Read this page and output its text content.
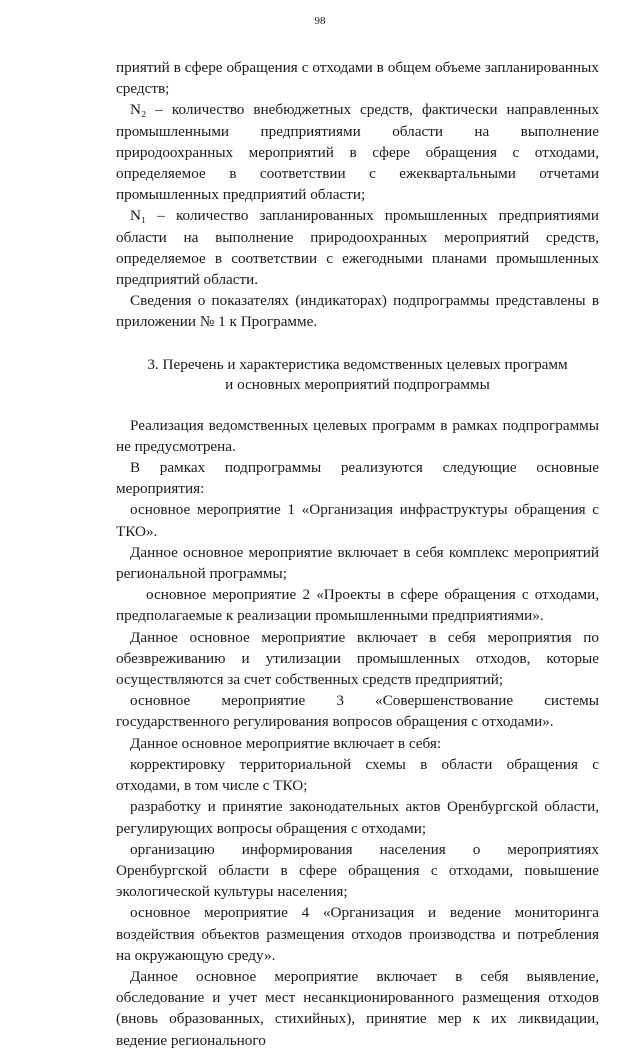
98
приятий в сфере обращения с отходами в общем объеме запланированных средств;
N₂ – количество внебюджетных средств, фактически направленных промышленными предприятиями области на выполнение природоохранных мероприятий в сфере обращения с отходами, определяемое в соответствии с ежеквартальными отчетами промышленных предприятий области;
N₁ – количество запланированных промышленных предприятиями области на выполнение природоохранных мероприятий средств, определяемое в соответствии с ежегодными планами промышленных предприятий области.
Сведения о показателях (индикаторах) подпрограммы представлены в приложении № 1 к Программе.
3. Перечень и характеристика ведомственных целевых программ
и основных мероприятий подпрограммы
Реализация ведомственных целевых программ в рамках подпрограммы не предусмотрена.
В рамках подпрограммы реализуются следующие основные мероприятия:
основное мероприятие 1 «Организация инфраструктуры обращения с ТКО».
Данное основное мероприятие включает в себя комплекс мероприятий региональной программы;
основное мероприятие 2 «Проекты в сфере обращения с отходами, предполагаемые к реализации промышленными предприятиями».
Данное основное мероприятие включает в себя мероприятия по обезвреживанию и утилизации промышленных отходов, которые осуществляются за счет собственных средств предприятий;
основное мероприятие 3 «Совершенствование системы государственного регулирования вопросов обращения с отходами».
Данное основное мероприятие включает в себя:
корректировку территориальной схемы в области обращения с отходами, в том числе с ТКО;
разработку и принятие законодательных актов Оренбургской области, регулирующих вопросы обращения с отходами;
организацию информирования населения о мероприятиях Оренбургской области в сфере обращения с отходами, повышение экологической культуры населения;
основное мероприятие 4 «Организация и ведение мониторинга воздействия объектов размещения отходов производства и потребления на окружающую среду».
Данное основное мероприятие включает в себя выявление, обследование и учет мест несанкционированного размещения отходов (вновь образованных, стихийных), принятие мер к их ликвидации, ведение регионального
